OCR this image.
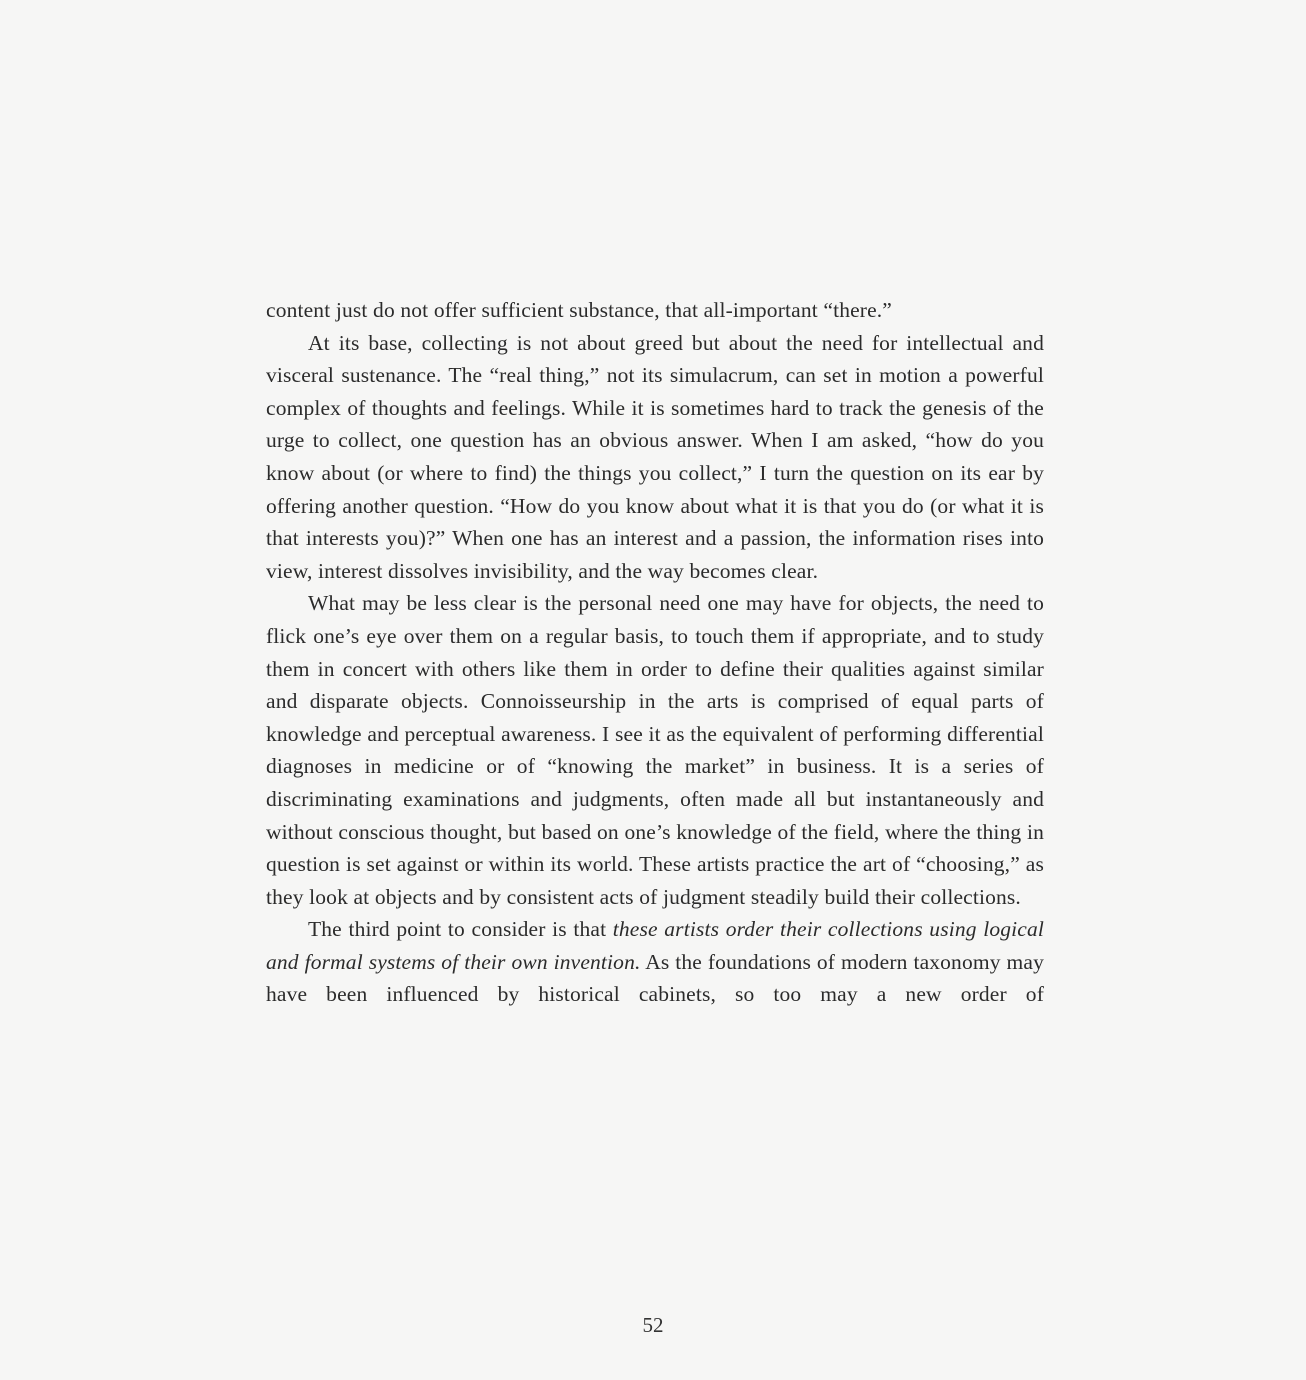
content just do not offer sufficient substance, that all-important “there.”

At its base, collecting is not about greed but about the need for intellectual and visceral sustenance. The “real thing,” not its simulacrum, can set in motion a powerful complex of thoughts and feelings. While it is sometimes hard to track the genesis of the urge to collect, one question has an obvious answer. When I am asked, “how do you know about (or where to find) the things you collect,” I turn the question on its ear by offering another question. “How do you know about what it is that you do (or what it is that interests you)?” When one has an interest and a passion, the information rises into view, interest dissolves invisibility, and the way becomes clear.

What may be less clear is the personal need one may have for objects, the need to flick one’s eye over them on a regular basis, to touch them if appropriate, and to study them in concert with others like them in order to define their qualities against similar and disparate objects. Connoisseurship in the arts is comprised of equal parts of knowledge and perceptual awareness. I see it as the equivalent of performing differential diagnoses in medicine or of “knowing the market” in business. It is a series of discriminating examinations and judgments, often made all but instantaneously and without conscious thought, but based on one’s knowledge of the field, where the thing in question is set against or within its world. These artists practice the art of “choosing,” as they look at objects and by consistent acts of judgment steadily build their collections.

The third point to consider is that these artists order their collections using logical and formal systems of their own invention. As the foundations of modern taxonomy may have been influenced by historical cabinets, so too may a new order of

52
